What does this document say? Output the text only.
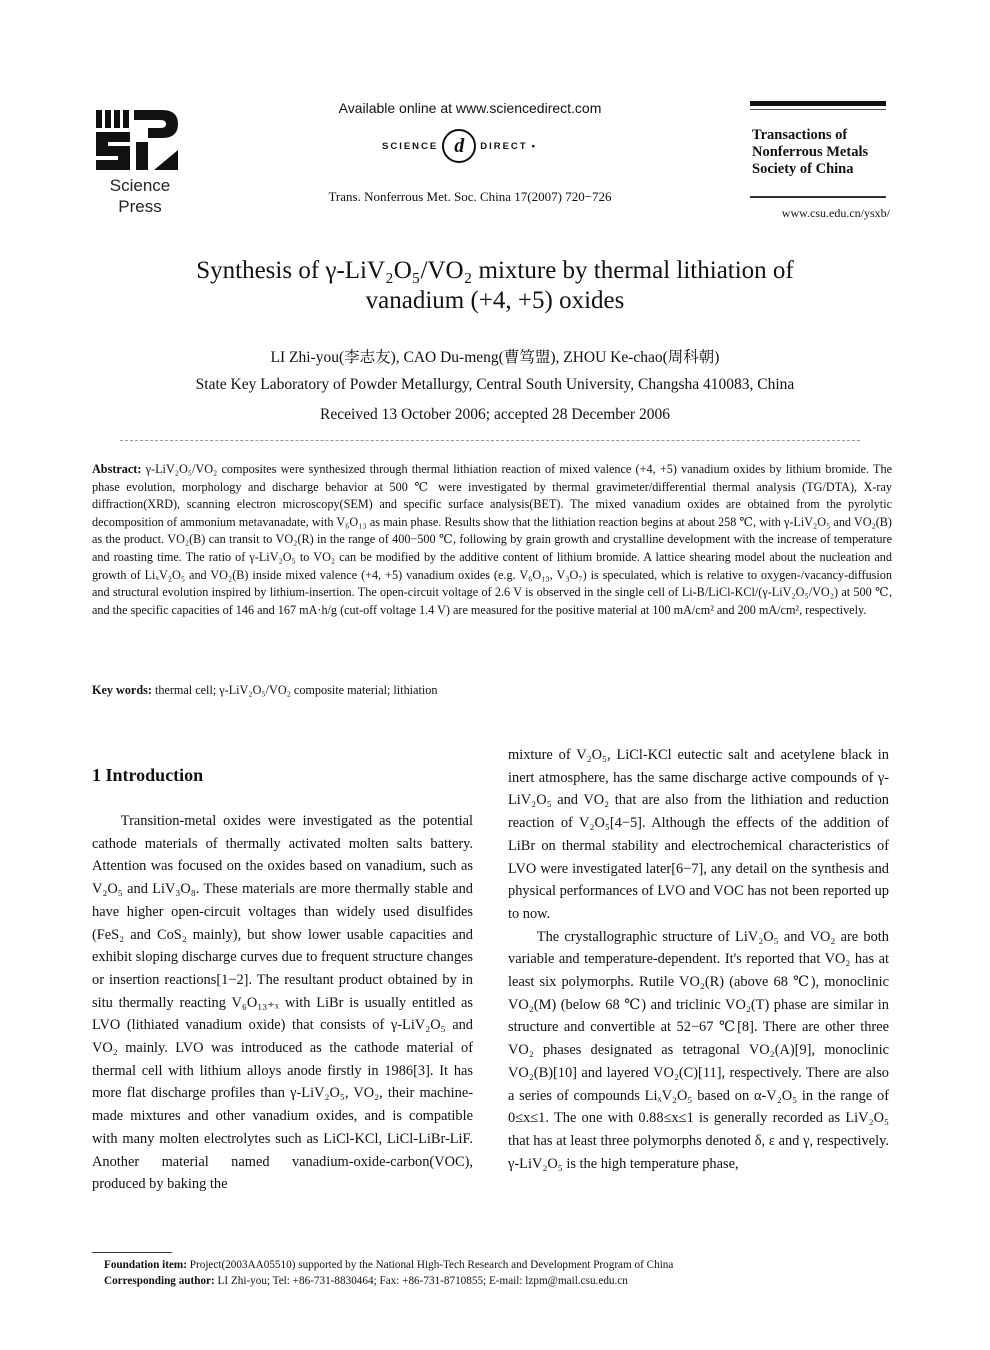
Science
Press
Available online at www.sciencedirect.com
SCIENCE d	DIRECT •
Trans. Nonferrous Met. Soc. China 17(2007) 720−726
Transactions of
Nonferrous Metals
Society of China
www.csu.edu.cn/ysxb/
Synthesis of γ-LiV₂O₅/VO₂ mixture by thermal lithiation of
vanadium (+4, +5) oxides
LI Zhi-you(李志友), CAO Du-meng(曹笃盟), ZHOU Ke-chao(周科朝)
State Key Laboratory of Powder Metallurgy, Central South University, Changsha 410083, China
Received 13 October 2006; accepted 28 December 2006
Abstract: γ-LiV₂O₅/VO₂ composites were synthesized through thermal lithiation reaction of mixed valence (+4, +5) vanadium oxides by lithium bromide. The phase evolution, morphology and discharge behavior at 500 ℃ were investigated by thermal gravimeter/differential thermal analysis (TG/DTA), X-ray diffraction(XRD), scanning electron microscopy(SEM) and specific surface analysis(BET). The mixed vanadium oxides are obtained from the pyrolytic decomposition of ammonium metavanadate, with V₆O₁₃ as main phase. Results show that the lithiation reaction begins at about 258 ℃, with γ-LiV₂O₅ and VO₂(B) as the product. VO₂(B) can transit to VO₂(R) in the range of 400−500 ℃, following by grain growth and crystalline development with the increase of temperature and roasting time. The ratio of γ-LiV₂O₅ to VO₂ can be modified by the additive content of lithium bromide. A lattice shearing model about the nucleation and growth of LiₓV₂O₅ and VO₂(B) inside mixed valence (+4, +5) vanadium oxides (e.g. V₆O₁₃, V₃O₇) is speculated, which is relative to oxygen-/vacancy-diffusion and structural evolution inspired by lithium-insertion. The open-circuit voltage of 2.6 V is observed in the single cell of Li-B/LiCl-KCl/(γ-LiV₂O₅/VO₂) at 500 ℃, and the specific capacities of 146 and 167 mA·h/g (cut-off voltage 1.4 V) are measured for the positive material at 100 mA/cm² and 200 mA/cm², respectively.
Key words: thermal cell; γ-LiV₂O₅/VO₂ composite material; lithiation
1 Introduction

Transition-metal oxides were investigated as the potential cathode materials of thermally activated molten salts battery. Attention was focused on the oxides based on vanadium, such as V₂O₅ and LiV₃O₈. These materials are more thermally stable and have higher open-circuit voltages than widely used disulfides (FeS₂ and CoS₂ mainly), but show lower usable capacities and exhibit sloping discharge curves due to frequent structure changes or insertion reactions[1−2]. The resultant product obtained by in situ thermally reacting V₆O₁₃₊ₓ with LiBr is usually entitled as LVO (lithiated vanadium oxide) that consists of γ-LiV₂O₅ and VO₂ mainly. LVO was introduced as the cathode material of thermal cell with lithium alloys anode firstly in 1986[3]. It has more flat discharge profiles than γ-LiV₂O₅, VO₂, their machine-made mixtures and other vanadium oxides, and is compatible with many molten electrolytes such as LiCl-KCl, LiCl-LiBr-LiF. Another material named vanadium-oxide-carbon(VOC), produced by baking the

mixture of V₂O₅, LiCl-KCl eutectic salt and acetylene black in inert atmosphere, has the same discharge active compounds of γ-LiV₂O₅ and VO₂ that are also from the lithiation and reduction reaction of V₂O₅[4−5]. Although the effects of the addition of LiBr on thermal stability and electrochemical characteristics of LVO were investigated later[6−7], any detail on the synthesis and physical performances of LVO and VOC has not been reported up to now.

The crystallographic structure of LiV₂O₅ and VO₂ are both variable and temperature-dependent. It's reported that VO₂ has at least six polymorphs. Rutile VO₂(R) (above 68 ℃), monoclinic VO₂(M) (below 68 ℃) and triclinic VO₂(T) phase are similar in structure and convertible at 52−67 ℃[8]. There are other three VO₂ phases designated as tetragonal VO₂(A)[9], monoclinic VO₂(B)[10] and layered VO₂(C)[11], respectively. There are also a series of compounds LiₓV₂O₅ based on α-V₂O₅ in the range of 0≤x≤1. The one with 0.88≤x≤1 is generally recorded as LiV₂O₅ that has at least three polymorphs denoted δ, ε and γ, respectively. γ-LiV₂O₅ is the high temperature phase,

Foundation item: Project(2003AA05510) supported by the National High-Tech Research and Development Program of China
Corresponding author: LI Zhi-you; Tel: +86-731-8830464; Fax: +86-731-8710855; E-mail: lzpm@mail.csu.edu.cn
